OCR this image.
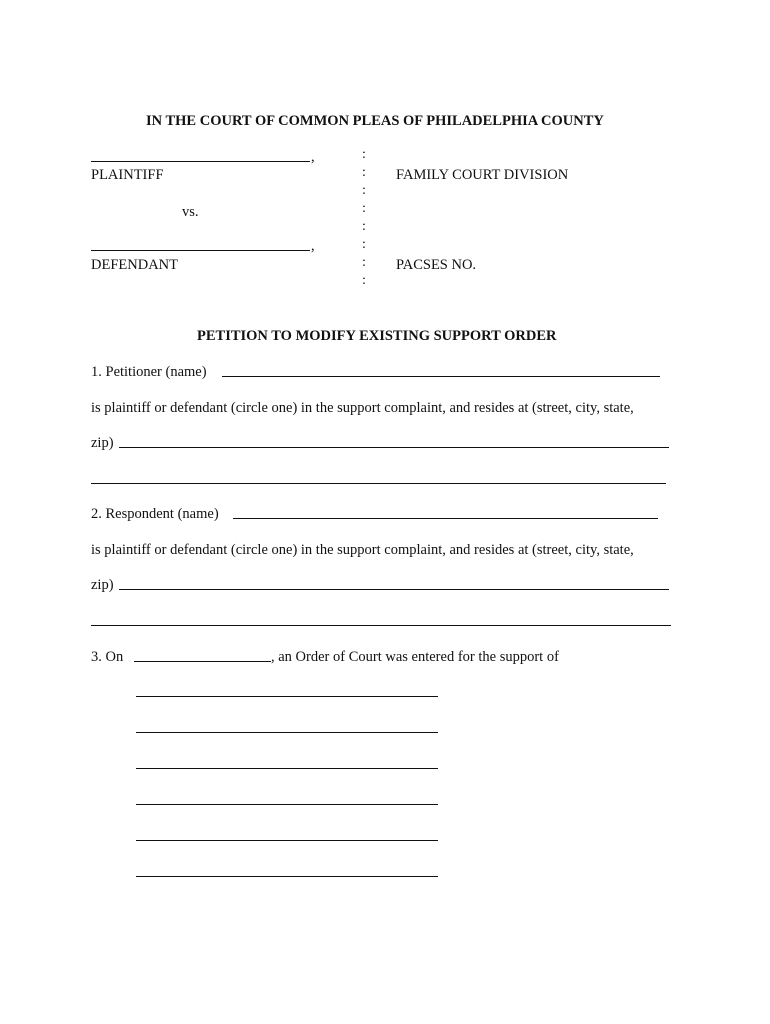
IN THE COURT OF COMMON PLEAS OF PHILADELPHIA COUNTY
,
PLAINTIFF
vs.
,
DEFENDANT
:
:
:
:
:
:
:
:
FAMILY COURT DIVISION
PACSES NO.
PETITION TO MODIFY EXISTING SUPPORT ORDER
1. Petitioner (name)
is plaintiff or defendant (circle one) in the support complaint, and resides at (street, city, state,
zip)
2. Respondent (name)
is plaintiff or defendant (circle one) in the support complaint, and resides at (street, city, state,
zip)
3. On	, an Order of Court was entered for the support of
